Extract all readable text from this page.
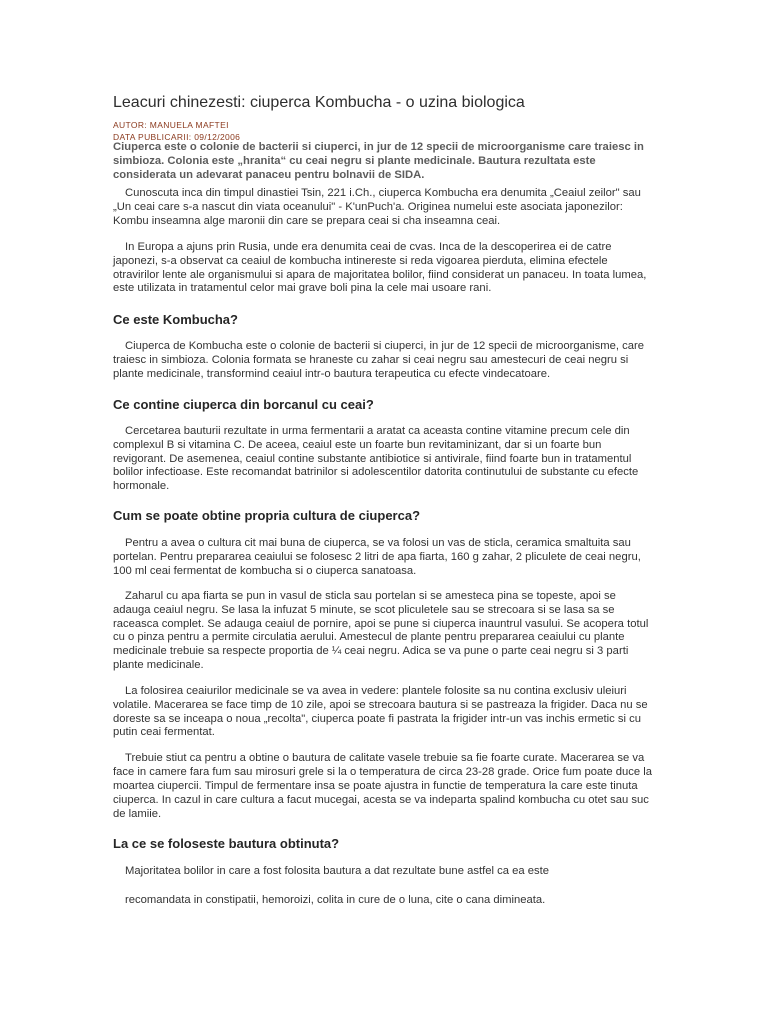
Leacuri chinezesti: ciuperca Kombucha - o uzina biologica
AUTOR: MANUELA MAFTEI
DATA PUBLICARII: 09/12/2006
Ciuperca este o colonie de bacterii si ciuperci, in jur de 12 specii de microorganisme care traiesc in
simbioza. Colonia este „hranita“ cu ceai negru si plante medicinale. Bautura rezultata este
considerata un adevarat panaceu pentru bolnavii de SIDA.
Cunoscuta inca din timpul dinastiei Tsin, 221 i.Ch., ciuperca Kombucha era denumita „Ceaiul zeilor" sau
„Un ceai care s-a nascut din viata oceanului" - K'unPuch'a. Originea numelui este asociata japonezilor:
Kombu inseamna alge maronii din care se prepara ceai si cha inseamna ceai.
In Europa a ajuns prin Rusia, unde era denumita ceai de cvas. Inca de la descoperirea ei de catre
japonezi, s-a observat ca ceaiul de kombucha intinereste si reda vigoarea pierduta, elimina efectele
otravirilor lente ale organismului si apara de majoritatea bolilor, fiind considerat un panaceu. In toata lumea,
este utilizata in tratamentul celor mai grave boli pina la cele mai usoare rani.
Ce este Kombucha?
Ciuperca de Kombucha este o colonie de bacterii si ciuperci, in jur de 12 specii de microorganisme, care
traiesc in simbioza. Colonia formata se hraneste cu zahar si ceai negru sau amestecuri de ceai negru si
plante medicinale, transformind ceaiul intr-o bautura terapeutica cu efecte vindecatoare.
Ce contine ciuperca din borcanul cu ceai?
Cercetarea bauturii rezultate in urma fermentarii a aratat ca aceasta contine vitamine precum cele din
complexul B si vitamina C. De aceea, ceaiul este un foarte bun revitaminizant, dar si un foarte bun
revigorant. De asemenea, ceaiul contine substante antibiotice si antivirale, fiind foarte bun in tratamentul
bolilor infectioase. Este recomandat batrinilor si adolescentilor datorita continutului de substante cu efecte
hormonale.
Cum se poate obtine propria cultura de ciuperca?
Pentru a avea o cultura cit mai buna de ciuperca, se va folosi un vas de sticla, ceramica smaltuita sau
portelan. Pentru prepararea ceaiului se folosesc 2 litri de apa fiarta, 160 g zahar, 2 pliculete de ceai negru,
100 ml ceai fermentat de kombucha si o ciuperca sanatoasa.
Zaharul cu apa fiarta se pun in vasul de sticla sau portelan si se amesteca pina se topeste, apoi se
adauga ceaiul negru. Se lasa la infuzat 5 minute, se scot pliculetele sau se strecoara si se lasa sa se
raceasca complet. Se adauga ceaiul de pornire, apoi se pune si ciuperca inauntrul vasului. Se acopera totul
cu o pinza pentru a permite circulatia aerului. Amestecul de plante pentru prepararea ceaiului cu plante
medicinale trebuie sa respecte proportia de ¼ ceai negru. Adica se va pune o parte ceai negru si 3 parti
plante medicinale.
La folosirea ceaiurilor medicinale se va avea in vedere: plantele folosite sa nu contina exclusiv uleiuri
volatile. Macerarea se face timp de 10 zile, apoi se strecoara bautura si se pastreaza la frigider. Daca nu se
doreste sa se inceapa o noua „recolta", ciuperca poate fi pastrata la frigider intr-un vas inchis ermetic si cu
putin ceai fermentat.
Trebuie stiut ca pentru a obtine o bautura de calitate vasele trebuie sa fie foarte curate. Macerarea se va
face in camere fara fum sau mirosuri grele si la o temperatura de circa 23-28 grade. Orice fum poate duce la
moartea ciupercii. Timpul de fermentare insa se poate ajustra in functie de temperatura la care este tinuta
ciuperca. In cazul in care cultura a facut mucegai, acesta se va indeparta spalind kombucha cu otet sau suc
de lamiie.
La ce se foloseste bautura obtinuta?
Majoritatea bolilor in care a fost folosita bautura a dat rezultate bune astfel ca ea este
recomandata in constipatii, hemoroizi, colita in cure de o luna, cite o cana dimineata.
